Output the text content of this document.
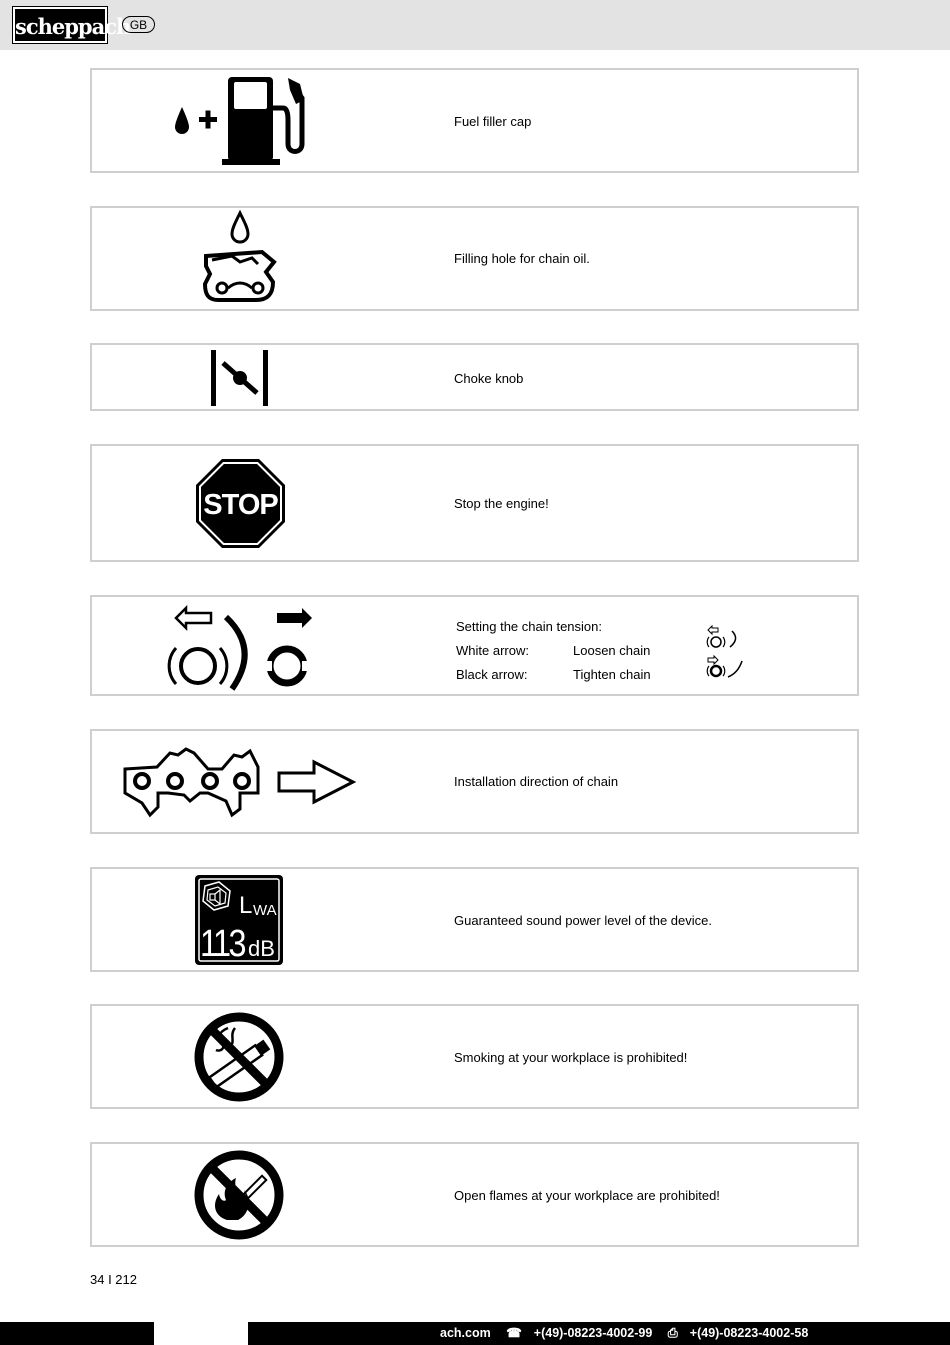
scheppach GB
Fuel filler cap
Filling hole for chain oil.
Choke knob
STOP	Stop the engine!
Setting the chain tension:
White arrow:	Loosen chain
Black arrow:	Tighten chain
Installation direction of chain
L WA
113 dB
Guaranteed sound power level of the device.
Smoking at your workplace is prohibited!
Open flames at your workplace are prohibited!
34 I 212
ach.com ☎ +(49)-08223-4002-99 ⎙ +(49)-08223-4002-58
